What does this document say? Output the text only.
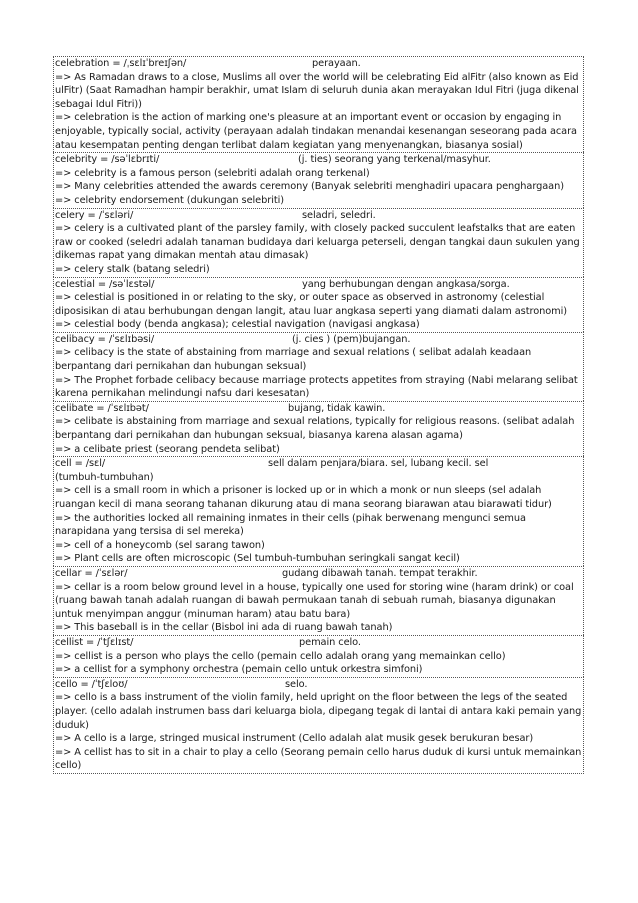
celebration = /ˌsɛlɪˈbreɪʃən/	perayaan.
=> As Ramadan draws to a close, Muslims all over the world will be celebrating Eid alFitr (also known as Eid ulFitr) (Saat Ramadhan hampir berakhir, umat Islam di seluruh dunia akan merayakan Idul Fitri (juga dikenal sebagai Idul Fitri))
=> celebration is the action of marking one's pleasure at an important event or occasion by engaging in enjoyable, typically social, activity (perayaan adalah tindakan menandai kesenangan seseorang pada acara atau kesempatan penting dengan terlibat dalam kegiatan yang menyenangkan, biasanya sosial)
celebrity = /səˈlɛbrɪti/	(j. ties) seorang yang terkenal/masyhur.
=> celebrity is a famous person (selebriti adalah orang terkenal)
=> Many celebrities attended the awards ceremony (Banyak selebriti menghadiri upacara penghargaan)
=> celebrity endorsement (dukungan selebriti)
celery = /ˈsɛləri/	seladri, seledri.
=> celery is a cultivated plant of the parsley family, with closely packed succulent leafstalks that are eaten raw or cooked (seledri adalah tanaman budidaya dari keluarga peterseli, dengan tangkai daun sukulen yang dikemas rapat yang dimakan mentah atau dimasak)
=> celery stalk (batang seledri)
celestial = /səˈlɛstəl/	yang berhubungan dengan angkasa/sorga.
=> celestial is positioned in or relating to the sky, or outer space as observed in astronomy (celestial diposisikan di atau berhubungan dengan langit, atau luar angkasa seperti yang diamati dalam astronomi)
=> celestial body (benda angkasa); celestial navigation (navigasi angkasa)
celibacy = /ˈsɛlɪbəsi/	(j. cies ) (pem)bujangan.
=> celibacy is the state of abstaining from marriage and sexual relations ( selibat adalah keadaan berpantang dari pernikahan dan hubungan seksual)
=> The Prophet forbade celibacy because marriage protects appetites from straying (Nabi melarang selibat karena pernikahan melindungi nafsu dari kesesatan)
celibate = /ˈsɛlɪbət/	bujang, tidak kawin.
=> celibate is abstaining from marriage and sexual relations, typically for religious reasons. (selibat adalah berpantang dari pernikahan dan hubungan seksual, biasanya karena alasan agama)
=> a celibate priest (seorang pendeta selibat)
cell = /sɛl/	sell dalam penjara/biara. sel, lubang kecil. sel
(tumbuh-tumbuhan)
=> cell is a small room in which a prisoner is locked up or in which a monk or nun sleeps (sel adalah ruangan kecil di mana seorang tahanan dikurung atau di mana seorang biarawan atau biarawati tidur)
=> the authorities locked all remaining inmates in their cells (pihak berwenang mengunci semua narapidana yang tersisa di sel mereka)
=> cell of a honeycomb (sel sarang tawon)
=> Plant cells are often microscopic (Sel tumbuh-tumbuhan seringkali sangat kecil)
cellar = /ˈsɛlər/	gudang dibawah tanah. tempat terakhir.
=> cellar is a room below ground level in a house, typically one used for storing wine (haram drink) or coal (ruang bawah tanah adalah ruangan di bawah permukaan tanah di sebuah rumah, biasanya digunakan untuk menyimpan anggur (minuman haram) atau batu bara)
=> This baseball is in the cellar (Bisbol ini ada di ruang bawah tanah)
cellist = /ˈtʃɛlɪst/	pemain celo.
=> cellist is a person who plays the cello (pemain cello adalah orang yang memainkan cello)
=> a cellist for a symphony orchestra (pemain cello untuk orkestra simfoni)
cello = /ˈtʃɛloʊ/	selo.
=> cello is a bass instrument of the violin family, held upright on the floor between the legs of the seated player. (cello adalah instrumen bass dari keluarga biola, dipegang tegak di lantai di antara kaki pemain yang duduk)
=> A cello is a large, stringed musical instrument (Cello adalah alat musik gesek berukuran besar)
=> A cellist has to sit in a chair to play a cello (Seorang pemain cello harus duduk di kursi untuk memainkan cello)
